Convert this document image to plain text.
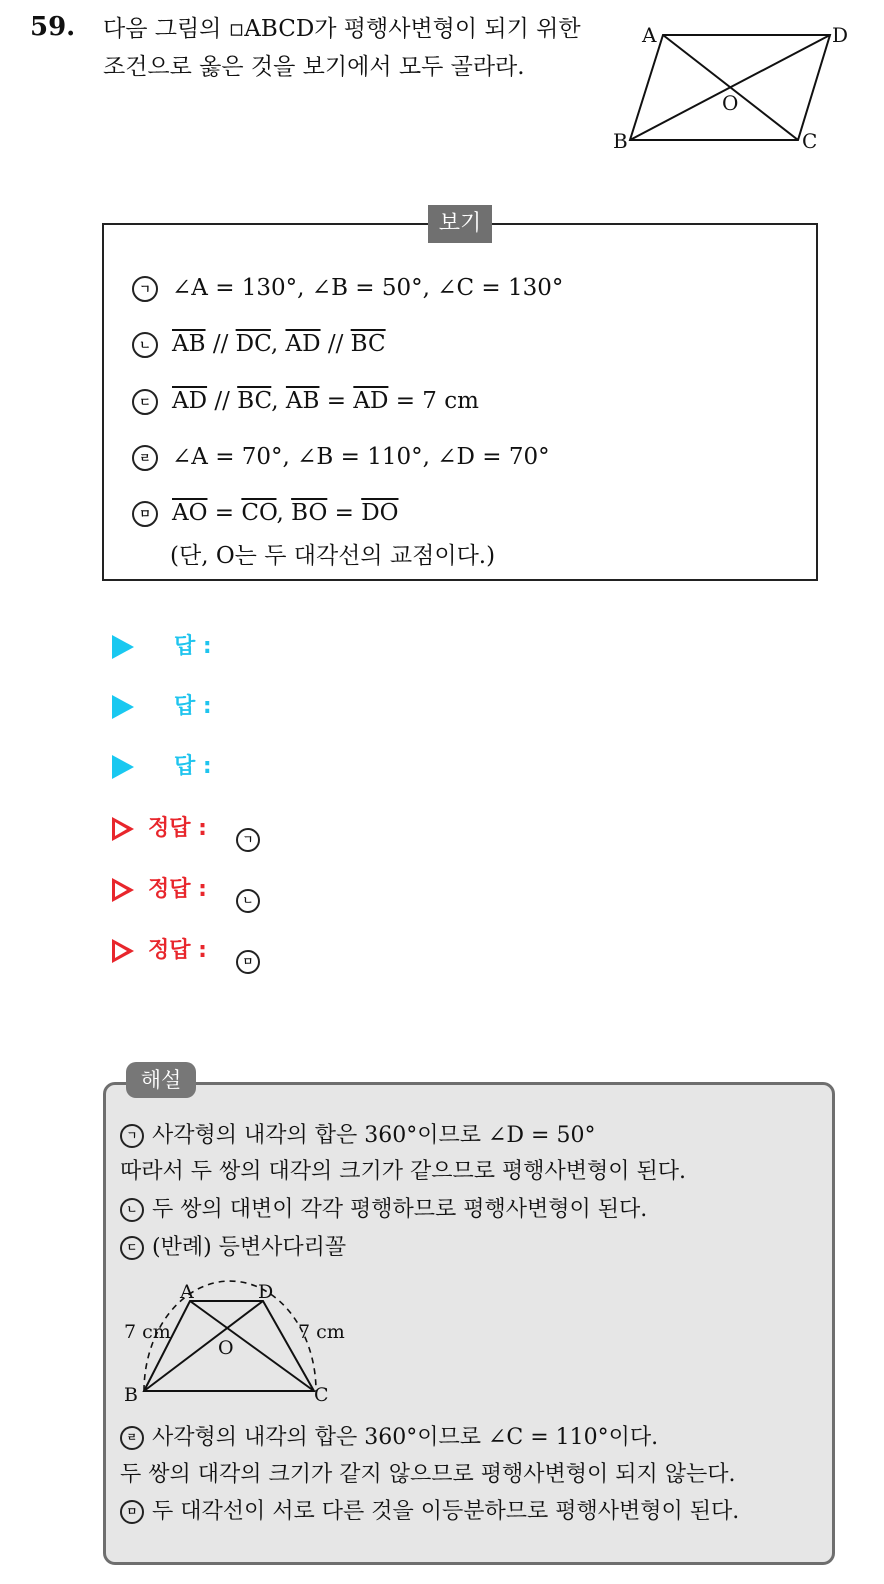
59. 다음 그림의 ▫ABCD가 평행사변형이 되기 위한 조건으로 옳은 것을 보기에서 모두 골라라.
A	D
B	C
O
보기
ㄱ ∠A = 130°, ∠B = 50°, ∠C = 130°
ㄴ $\overline{AB} // \overline{DC}$, $\overline{AD} // \overline{BC}$
ㄷ $\overline{AD} // \overline{BC}$, $\overline{AB} = \overline{AD} = 7$ cm
ㄹ ∠A = 70°, ∠B = 110°, ∠D = 70°
ㅁ $\overline{AO} = \overline{CO}$, $\overline{BO} = \overline{DO}$
(단, O는 두 대각선의 교점이다.)
답 :
답 :
답 :
정답 :	ㄱ
정답 :	ㄴ
정답 :	ㅁ
해설
ㄱ 사각형의 내각의 합은 360°이므로 ∠D = 50°
따라서 두 쌍의 대각의 크기가 같으므로 평행사변형이 된다.
ㄴ 두 쌍의 대변이 각각 평행하므로 평행사변형이 된다.
ㄷ (반례) 등변사다리꼴
A	D
B	C
O
7 cm	7 cm
ㄹ 사각형의 내각의 합은 360°이므로 ∠C = 110°이다.
두 쌍의 대각의 크기가 같지 않으므로 평행사변형이 되지 않는다.
ㅁ 두 대각선이 서로 다른 것을 이등분하므로 평행사변형이 된다.
